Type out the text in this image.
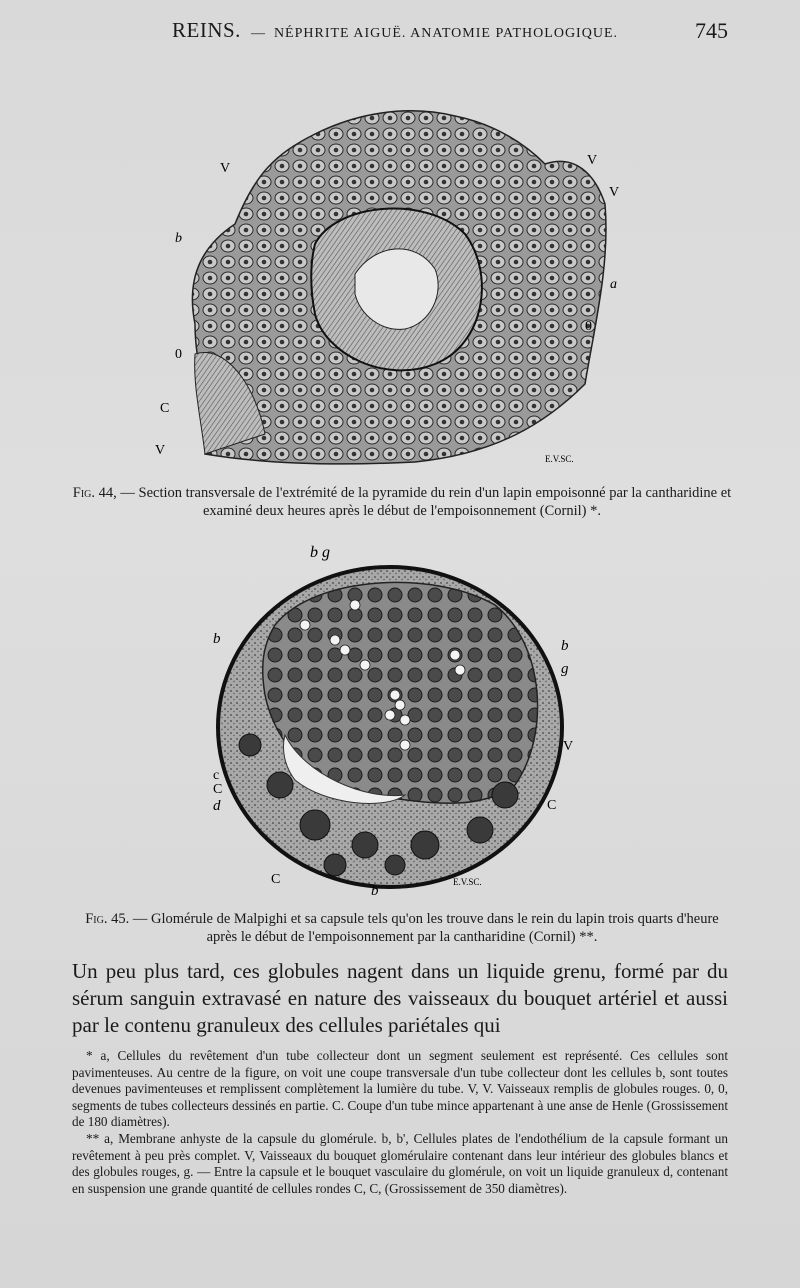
REINS. — NÉPHRITE AIGUË. ANATOMIE PATHOLOGIQUE.	745
V
V
V
b
a
0
0
C
V
E.V.SC.
Fig. 44, — Section transversale de l'extrémité de la pyramide du rein d'un lapin empoisonné par la cantharidine et examiné deux heures après le début de l'empoisonnement (Cornil) *.
b g
b	b
g
V
C
C
d
C
c
b
E.V.SC.
Fig. 45. — Glomérule de Malpighi et sa capsule tels qu'on les trouve dans le rein du lapin trois quarts d'heure après le début de l'empoisonnement par la cantharidine (Cornil) **.
Un peu plus tard, ces globules nagent dans un liquide grenu, formé par du sérum sanguin extravasé en nature des vaisseaux du bouquet artériel et aussi par le contenu granuleux des cellules pariétales qui

* a, Cellules du revêtement d'un tube collecteur dont un segment seulement est représenté. Ces cellules sont pavimenteuses. Au centre de la figure, on voit une coupe transversale d'un tube collecteur dont les cellules b, sont toutes devenues pavimenteuses et remplissent complètement la lumière du tube. V, V. Vaisseaux remplis de globules rouges. 0, 0, segments de tubes collecteurs dessinés en partie. C. Coupe d'un tube mince appartenant à une anse de Henle (Grossissement de 180 diamètres).

** a, Membrane anhyste de la capsule du glomérule. b, b', Cellules plates de l'endothélium de la capsule formant un revêtement à peu près complet. V, Vaisseaux du bouquet glomérulaire contenant dans leur intérieur des globules blancs et des globules rouges, g. — Entre la capsule et le bouquet vasculaire du glomérule, on voit un liquide granuleux d, contenant en suspension une grande quantité de cellules rondes C, C, (Grossissement de 350 diamètres).
